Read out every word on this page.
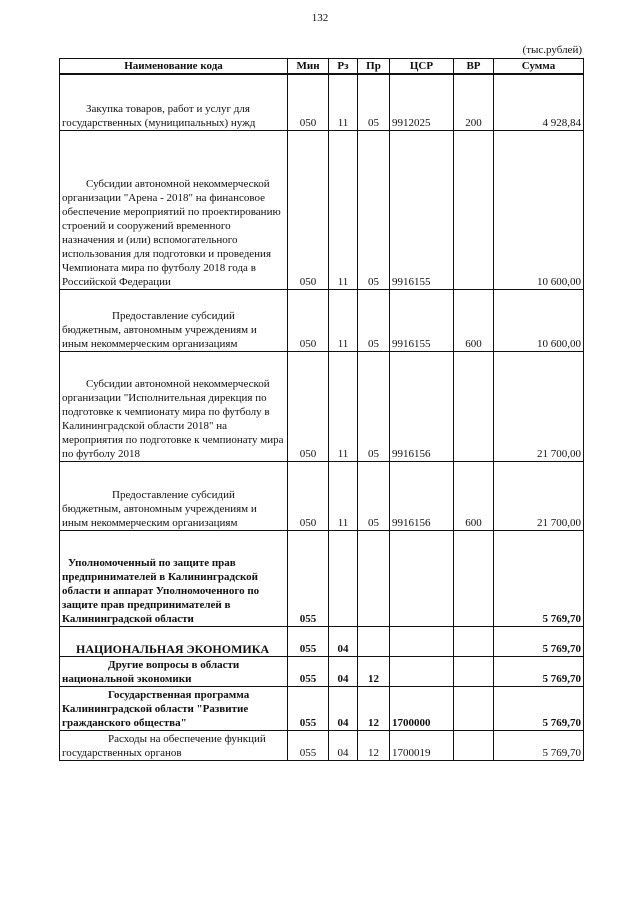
132
(тыс.рублей)
Наименование кода	Мин	Рз	Пр	ЦСР	ВР	Сумма
Закупка товаров, работ и услуг для государственных (муниципальных) нужд	050	11	05	9912025	200	4 928,84
Субсидии автономной некоммерческой организации "Арена - 2018" на финансовое обеспечение мероприятий по проектированию строений и сооружений временного назначения и (или) вспомогательного использования для подготовки и проведения Чемпионата мира по футболу 2018 года в Российской Федерации	050	11	05	9916155		10 600,00
Предоставление субсидий бюджетным, автономным учреждениям и иным некоммерческим организациям	050	11	05	9916155	600	10 600,00
Субсидии автономной некоммерческой организации "Исполнительная дирекция по подготовке к чемпионату мира по футболу в Калининградской области 2018" на мероприятия по подготовке к чемпионату мира по футболу 2018	050	11	05	9916156		21 700,00
Предоставление субсидий бюджетным, автономным учреждениям и иным некоммерческим организациям	050	11	05	9916156	600	21 700,00
Уполномоченный по защите прав предпринимателей в Калининградской области и аппарат Уполномоченного по защите прав предпринимателей в Калининградской области	055					5 769,70
НАЦИОНАЛЬНАЯ ЭКОНОМИКА	055	04				5 769,70
Другие вопросы в области национальной экономики	055	04	12			5 769,70
Государственная программа Калининградской области "Развитие гражданского общества"	055	04	12	1700000		5 769,70
Расходы на обеспечение функций государственных органов	055	04	12	1700019		5 769,70
